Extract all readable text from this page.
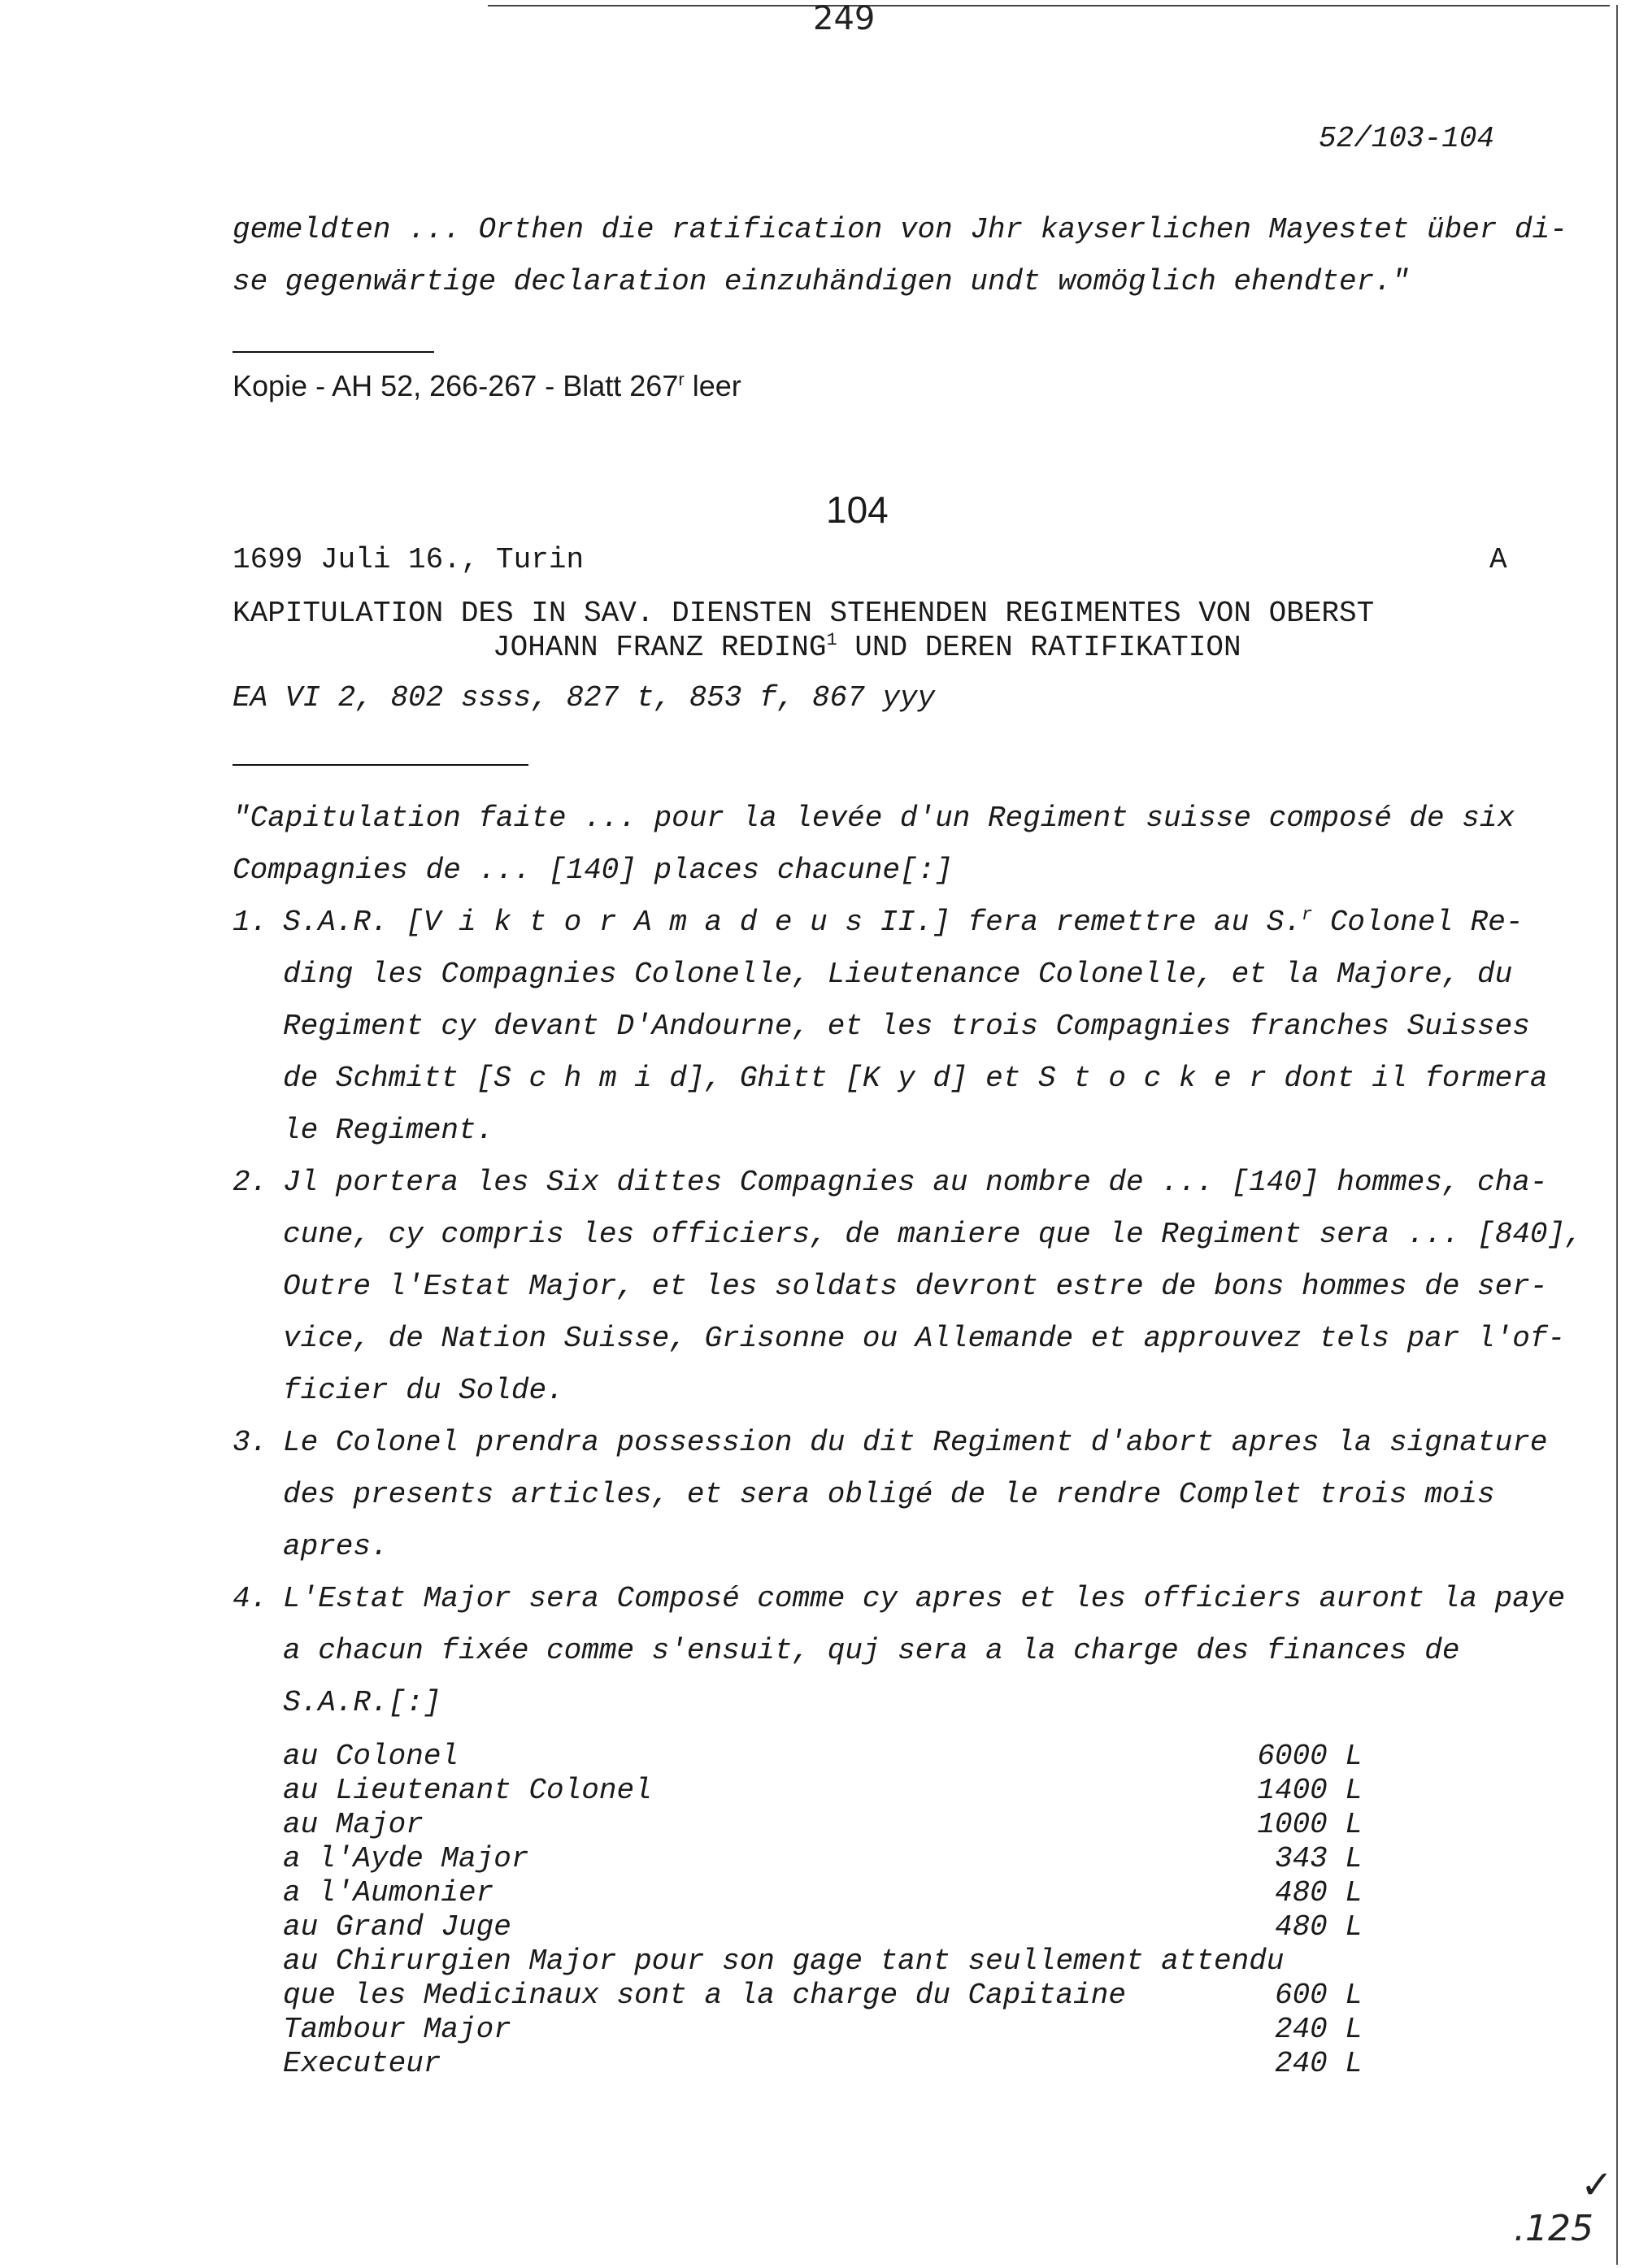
249
52/103-104
gemeldten ... Orthen die ratification von Jhr kayserlichen Mayestet über di-
se gegenwärtige declaration einzuhändigen undt womöglich ehendter."
Kopie - AH 52, 266-267 - Blatt 267$^r$ leer
104
1699 Juli 16., Turin	A
KAPITULATION DES IN SAV. DIENSTEN STEHENDEN REGIMENTES VON OBERST
JOHANN FRANZ REDING$^1$ UND DEREN RATIFIKATION
EA VI 2, 802 ssss, 827 t, 853 f, 867 yyy
"Capitulation faite ... pour la levée d'un Regiment suisse composé de six
Compagnies de ... [140] places chacune[:]
1. S.A.R. [V i k t o r A m a d e u s II.] fera remettre au S.$^r$ Colonel Re-
ding les Compagnies Colonelle, Lieutenance Colonelle, et la Majore, du
Regiment cy devant D'Andourne, et les trois Compagnies franches Suisses
de Schmitt [S c h m i d], Ghitt [K y d] et S t o c k e r dont il formera
le Regiment.
2. Jl portera les Six dittes Compagnies au nombre de ... [140] hommes, cha-
cune, cy compris les officiers, de maniere que le Regiment sera ... [840],
Outre l'Estat Major, et les soldats devront estre de bons hommes de ser-
vice, de Nation Suisse, Grisonne ou Allemande et approuvez tels par l'of-
ficier du Solde.
3. Le Colonel prendra possession du dit Regiment d'abort apres la signature
des presents articles, et sera obligé de le rendre Complet trois mois
apres.
4. L'Estat Major sera Composé comme cy apres et les officiers auront la paye
a chacun fixée comme s'ensuit, quj sera a la charge des finances de
S.A.R.[:]
au Colonel	6000 L
au Lieutenant Colonel	1400 L
au Major	1000 L
a l'Ayde Major	343 L
a l'Aumonier	480 L
au Grand Juge	480 L
au Chirurgien Major pour son gage tant seullement attendu
que les Medicinaux sont a la charge du Capitaine	600 L
Tambour Major	240 L
Executeur	240 L
✓
.125
